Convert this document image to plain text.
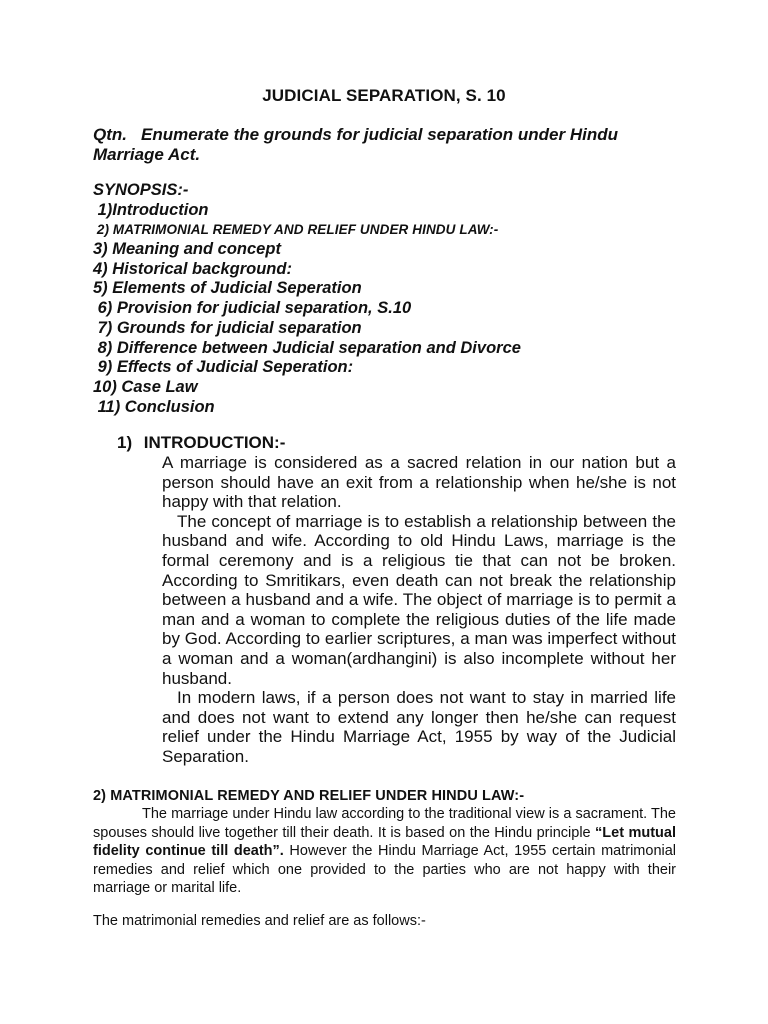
JUDICIAL SEPARATION, S. 10
Qtn. Enumerate the grounds for judicial separation under Hindu Marriage Act.
SYNOPSIS:-
1)Introduction
2) MATRIMONIAL REMEDY AND RELIEF UNDER HINDU LAW:-
3) Meaning and concept
4) Historical background:
5) Elements of Judicial Seperation
6) Provision for judicial separation, S.10
7) Grounds for judicial separation
8) Difference between Judicial separation and Divorce
9) Effects of Judicial Seperation:
10) Case Law
11) Conclusion
1) INTRODUCTION:-

A marriage is considered as a sacred relation in our nation but a person should have an exit from a relationship when he/she is not happy with that relation.

The concept of marriage is to establish a relationship between the husband and wife. According to old Hindu Laws, marriage is the formal ceremony and is a religious tie that can not be broken. According to Smritikars, even death can not break the relationship between a husband and a wife. The object of marriage is to permit a man and a woman to complete the religious duties of the life made by God. According to earlier scriptures, a man was imperfect without a woman and a woman(ardhangini) is also incomplete without her husband.

In modern laws, if a person does not want to stay in married life and does not want to extend any longer then he/she can request relief under the Hindu Marriage Act, 1955 by way of the Judicial Separation.

2) MATRIMONIAL REMEDY AND RELIEF UNDER HINDU LAW:-

The marriage under Hindu law according to the traditional view is a sacrament. The spouses should live together till their death. It is based on the Hindu principle “Let mutual fidelity continue till death”. However the Hindu Marriage Act, 1955 certain matrimonial remedies and relief which one provided to the parties who are not happy with their marriage or marital life.

The matrimonial remedies and relief are as follows:-
